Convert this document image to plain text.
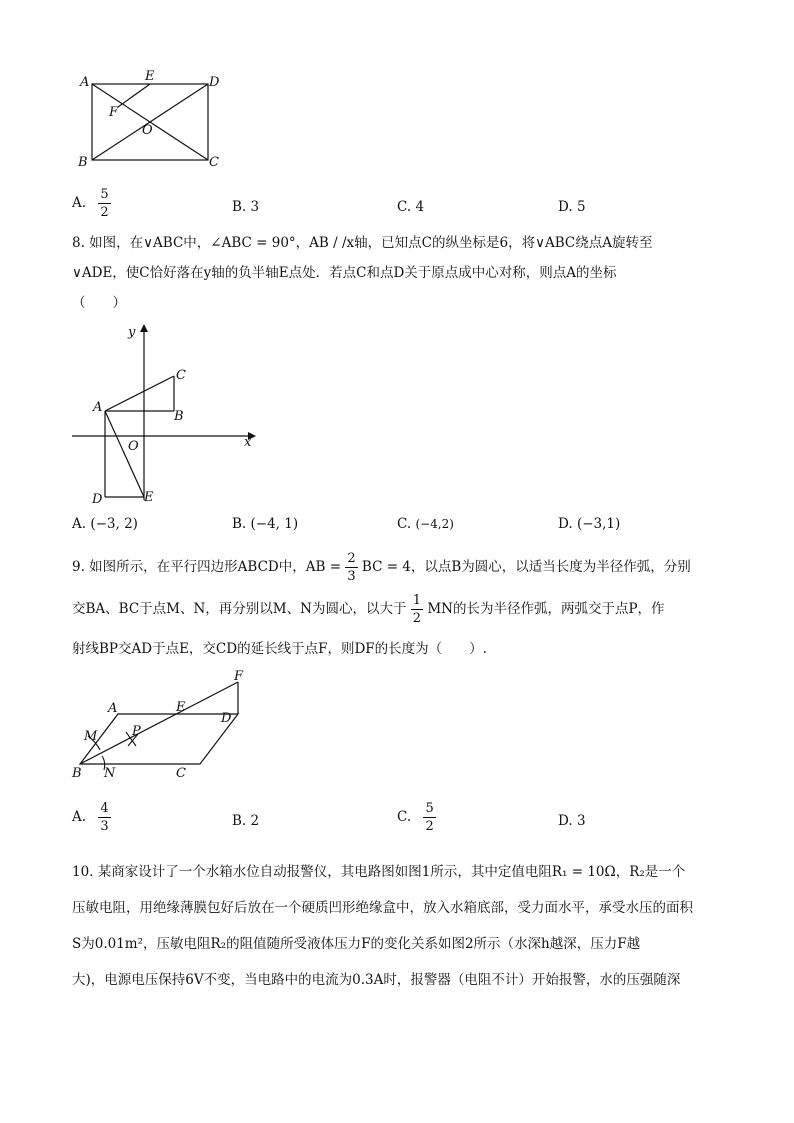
A	E	D
F
O
B	C
A. $\frac{5}{2}$	B. 3	C. 4	D. 5
8. 如图，在∨ABC中，∠ABC = 90°，AB / /x轴，已知点C的纵坐标是6，将∨ABC绕点A旋转至
∨ADE，使C恰好落在y轴的负半轴E点处．若点C和点D关于原点成中心对称，则点A的坐标
（　　）
y
x
C
A
B
O
D	E
A. (−3, 2)	B. (−4, 1)	C. (−4,2)	D. (−3,1)
9. 如图所示，在平行四边形ABCD中，AB = $\frac{2}{3}$ BC = 4，以点B为圆心，以适当长度为半径作弧，分别
交BA、BC于点M、N，再分别以M、N为圆心，以大于 $\frac{1}{2}$ MN的长为半径作弧，两弧交于点P，作
射线BP交AD于点E，交CD的延长线于点F，则DF的长度为（　　）.
F
A	E
D
M	P
B N	C
A. $\frac{4}{3}$	B. 2	C. $\frac{5}{2}$	D. 3
10. 某商家设计了一个水箱水位自动报警仪，其电路图如图1所示，其中定值电阻R₁ = 10Ω，R₂是一个
压敏电阻，用绝缘薄膜包好后放在一个硬质凹形绝缘盒中，放入水箱底部，受力面水平，承受水压的面积
S为0.01m²，压敏电阻R₂的阻值随所受液体压力F的变化关系如图2所示（水深h越深，压力F越
大)，电源电压保持6V不变，当电路中的电流为0.3A时，报警器（电阻不计）开始报警，水的压强随深
